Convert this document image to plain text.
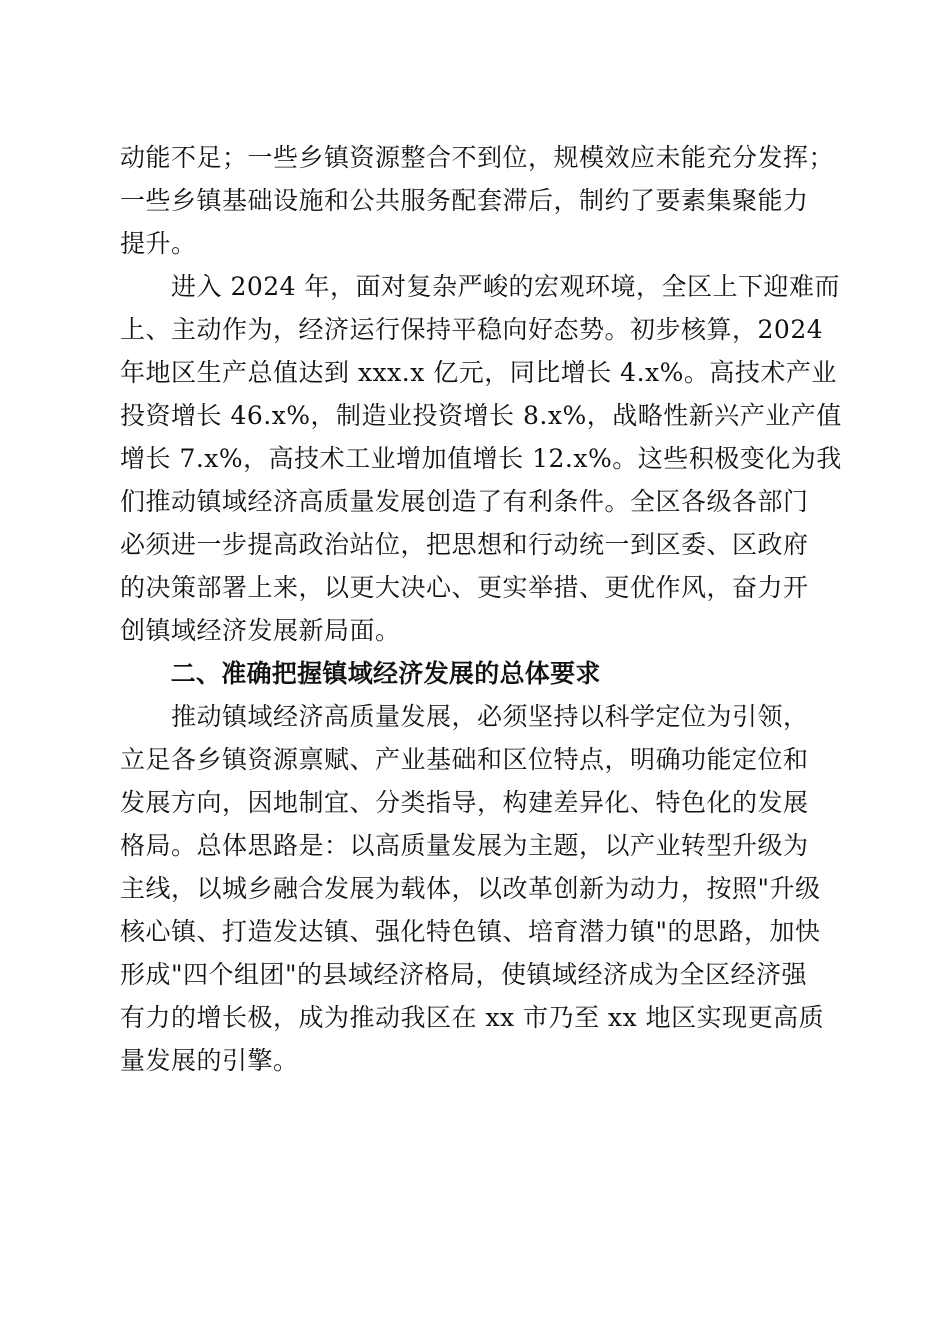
动能不足；一些乡镇资源整合不到位，规模效应未能充分发挥；
一些乡镇基础设施和公共服务配套滞后，制约了要素集聚能力
提升。
　　进入 2024 年，面对复杂严峻的宏观环境，全区上下迎难而
上、主动作为，经济运行保持平稳向好态势。初步核算，2024
年地区生产总值达到 xxx.x 亿元，同比增长 4.x%。高技术产业
投资增长 46.x%，制造业投资增长 8.x%，战略性新兴产业产值
增长 7.x%，高技术工业增加值增长 12.x%。这些积极变化为我
们推动镇域经济高质量发展创造了有利条件。全区各级各部门
必须进一步提高政治站位，把思想和行动统一到区委、区政府
的决策部署上来，以更大决心、更实举措、更优作风，奋力开
创镇域经济发展新局面。
　　二、准确把握镇域经济发展的总体要求
　　推动镇域经济高质量发展，必须坚持以科学定位为引领，
立足各乡镇资源禀赋、产业基础和区位特点，明确功能定位和
发展方向，因地制宜、分类指导，构建差异化、特色化的发展
格局。总体思路是：以高质量发展为主题，以产业转型升级为
主线，以城乡融合发展为载体，以改革创新为动力，按照"升级
核心镇、打造发达镇、强化特色镇、培育潜力镇"的思路，加快
形成"四个组团"的县域经济格局，使镇域经济成为全区经济强
有力的增长极，成为推动我区在 xx 市乃至 xx 地区实现更高质
量发展的引擎。
